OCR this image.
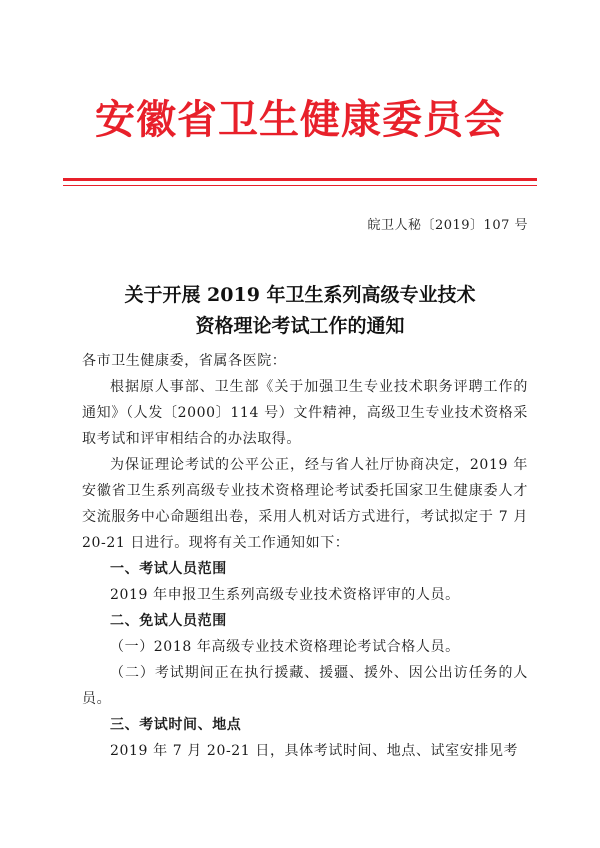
安徽省卫生健康委员会
皖卫人秘〔2019〕107 号
关于开展 2019 年卫生系列高级专业技术
资格理论考试工作的通知

各市卫生健康委，省属各医院：

根据原人事部、卫生部《关于加强卫生专业技术职务评聘工作的通知》（人发〔2000〕114 号）文件精神，高级卫生专业技术资格采取考试和评审相结合的办法取得。

为保证理论考试的公平公正，经与省人社厅协商决定，2019 年安徽省卫生系列高级专业技术资格理论考试委托国家卫生健康委人才交流服务中心命题组出卷，采用人机对话方式进行，考试拟定于 7 月 20-21 日进行。现将有关工作通知如下：

一、考试人员范围

2019 年申报卫生系列高级专业技术资格评审的人员。

二、免试人员范围

（一）2018 年高级专业技术资格理论考试合格人员。

（二）考试期间正在执行援藏、援疆、援外、因公出访任务的人员。

三、考试时间、地点

2019 年 7 月 20-21 日，具体考试时间、地点、试室安排见考
